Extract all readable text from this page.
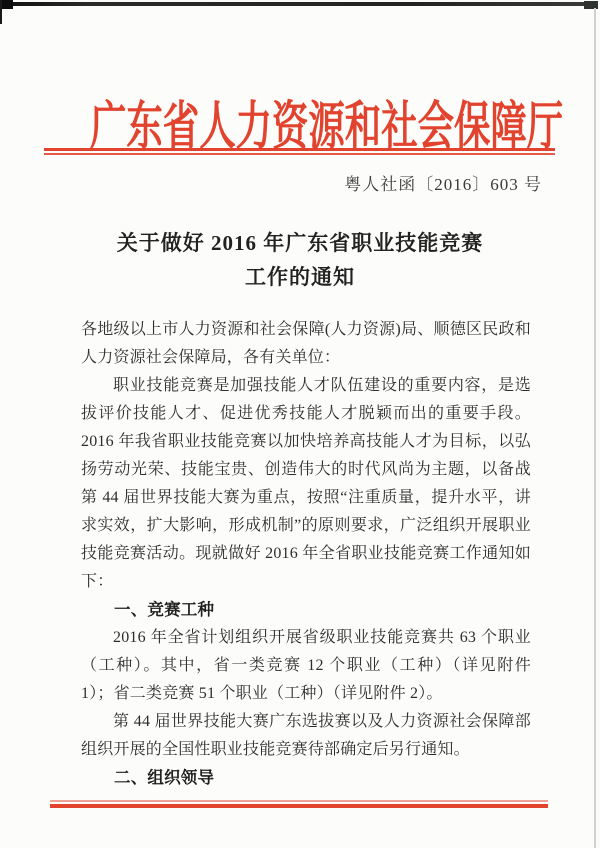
广东省人力资源和社会保障厅
粤人社函〔2016〕603 号
关于做好 2016 年广东省职业技能竞赛
工作的通知
各地级以上市人力资源和社会保障(人力资源)局、顺德区民政和人力资源社会保障局，各有关单位：
职业技能竞赛是加强技能人才队伍建设的重要内容，是选拔评价技能人才、促进优秀技能人才脱颖而出的重要手段。2016 年我省职业技能竞赛以加快培养高技能人才为目标，以弘扬劳动光荣、技能宝贵、创造伟大的时代风尚为主题，以备战第 44 届世界技能大赛为重点，按照“注重质量，提升水平，讲求实效，扩大影响，形成机制”的原则要求，广泛组织开展职业技能竞赛活动。现就做好 2016 年全省职业技能竞赛工作通知如下：
一、竞赛工种
2016 年全省计划组织开展省级职业技能竞赛共 63 个职业（工种）。其中，省一类竞赛 12 个职业（工种）（详见附件 1）；省二类竞赛 51 个职业（工种）（详见附件 2）。
第 44 届世界技能大赛广东选拔赛以及人力资源社会保障部组织开展的全国性职业技能竞赛待部确定后另行通知。
二、组织领导
